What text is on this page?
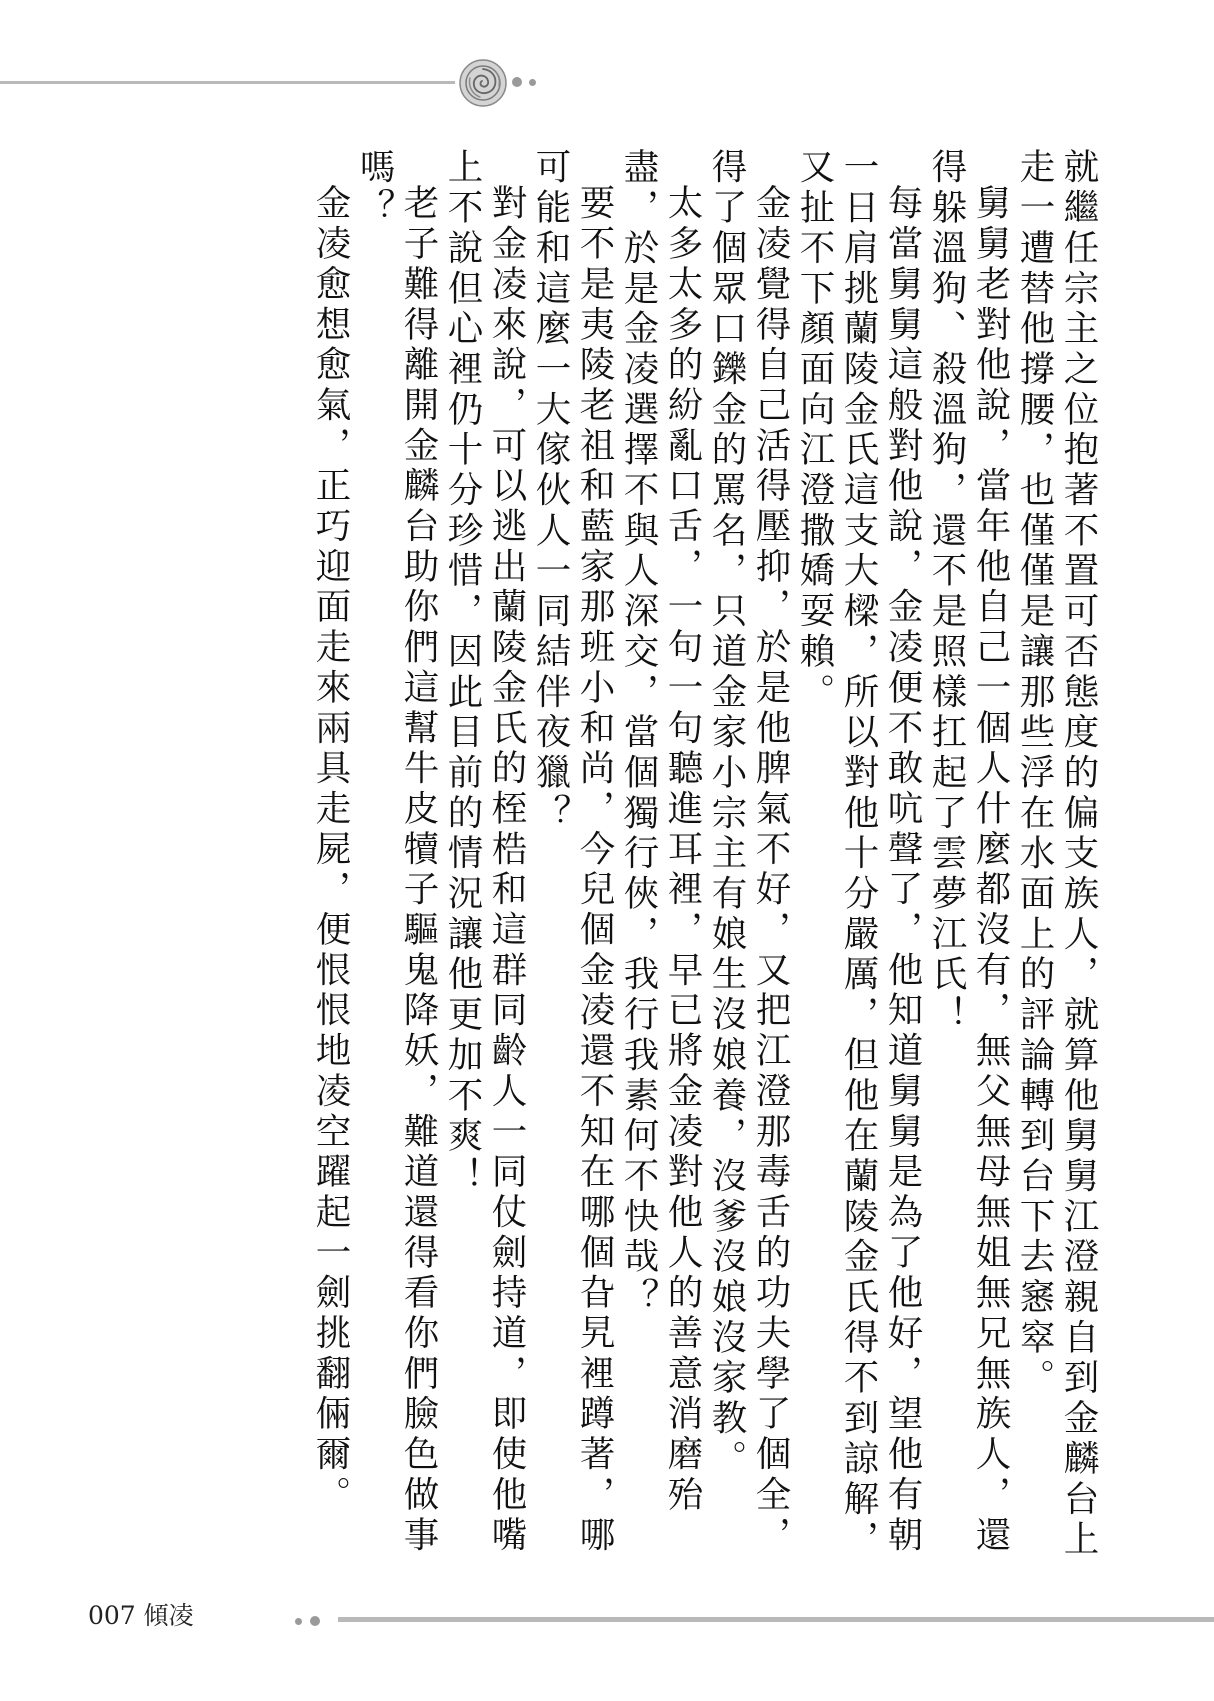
就繼任宗主之位抱著不置可否態度的偏支族人，就算他舅舅江澄親自到金麟台上走一遭替他撐腰，也僅僅是讓那些浮在水面上的評論轉到台下去窸窣。

舅舅老對他說，當年他自己一個人什麼都沒有，無父無母無姐無兄無族人，還得躲溫狗、殺溫狗，還不是照樣扛起了雲夢江氏！

每當舅舅這般對他說，金凌便不敢吭聲了，他知道舅舅是為了他好，望他有朝一日肩挑蘭陵金氏這支大樑，所以對他十分嚴厲，但他在蘭陵金氏得不到諒解，又扯不下顏面向江澄撒嬌耍賴。

金凌覺得自己活得壓抑，於是他脾氣不好，又把江澄那毒舌的功夫學了個全，得了個眾口鑠金的罵名，只道金家小宗主有娘生沒娘養，沒爹沒娘沒家教。

太多太多的紛亂口舌，一句一句聽進耳裡，早已將金凌對他人的善意消磨殆盡，於是金凌選擇不與人深交，當個獨行俠，我行我素何不快哉？

要不是夷陵老祖和藍家那班小和尚，今兒個金凌還不知在哪個旮旯裡蹲著，哪可能和這麼一大傢伙人一同結伴夜獵？

對金凌來說，可以逃出蘭陵金氏的桎梏和這群同齡人一同仗劍持道，即使他嘴上不說但心裡仍十分珍惜，因此目前的情況讓他更加不爽！

老子難得離開金麟台助你們這幫牛皮犢子驅鬼降妖，難道還得看你們臉色做事嗎？

金凌愈想愈氣，正巧迎面走來兩具走屍，便恨恨地凌空躍起一劍挑翻倆爾。

007 傾凌
